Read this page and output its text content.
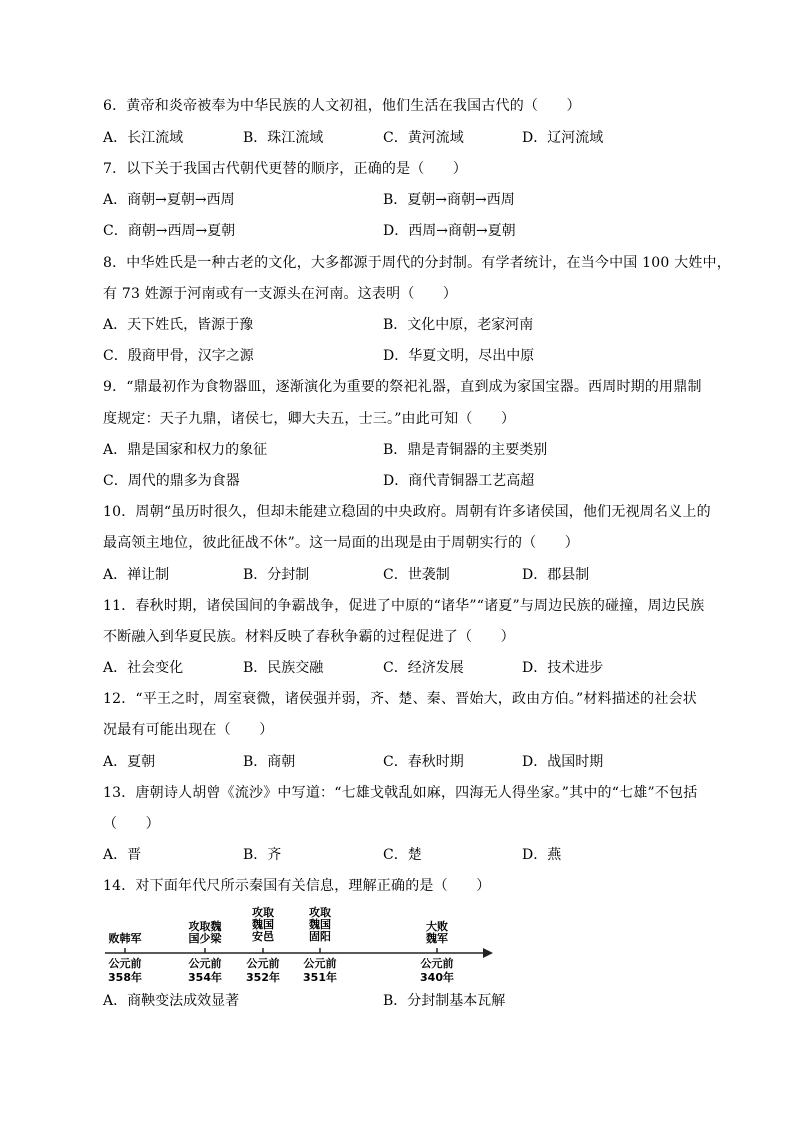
6．黄帝和炎帝被奉为中华民族的人文初祖，他们生活在我国古代的（　　）
A．长江流域	B．珠江流域	C．黄河流域	D．辽河流域
7．以下关于我国古代朝代更替的顺序，正确的是（　　）
A．商朝→夏朝→西周	B．夏朝→商朝→西周
C．商朝→西周→夏朝	D．西周→商朝→夏朝
8．中华姓氏是一种古老的文化，大多都源于周代的分封制。有学者统计，在当今中国 100 大姓中，
有 73 姓源于河南或有一支源头在河南。这表明（　　）
A．天下姓氏，皆源于豫	B．文化中原，老家河南
C．殷商甲骨，汉字之源	D．华夏文明，尽出中原
9．“鼎最初作为食物器皿，逐渐演化为重要的祭祀礼器，直到成为家国宝器。西周时期的用鼎制
度规定：天子九鼎，诸侯七，卿大夫五，士三。”由此可知（　　）
A．鼎是国家和权力的象征	B．鼎是青铜器的主要类别
C．周代的鼎多为食器	D．商代青铜器工艺高超
10．周朝“虽历时很久，但却未能建立稳固的中央政府。周朝有许多诸侯国，他们无视周名义上的
最高领主地位，彼此征战不休”。这一局面的出现是由于周朝实行的（　　）
A．禅让制	B．分封制	C．世袭制	D．郡县制
11．春秋时期，诸侯国间的争霸战争，促进了中原的“诸华”“诸夏”与周边民族的碰撞，周边民族
不断融入到华夏民族。材料反映了春秋争霸的过程促进了（　　）
A．社会变化	B．民族交融	C．经济发展	D．技术进步
12．“平王之时，周室衰微，诸侯强并弱，齐、楚、秦、晋始大，政由方伯。”材料描述的社会状
况最有可能出现在（　　）
A．夏朝	B．商朝	C．春秋时期	D．战国时期
13．唐朝诗人胡曾《流沙》中写道：“七雄戈戟乱如麻，四海无人得坐家。”其中的“七雄”不包括
（　　）
A．晋	B．齐	C．楚	D．燕
14．对下面年代尺所示秦国有关信息，理解正确的是（　　）
败韩军
攻取魏
国少梁
攻取
魏国
安邑
攻取
魏国
固阳
大败
魏军
公元前
358年
公元前
354年
公元前
352年
公元前
351年
公元前
340年
A．商鞅变法成效显著	B．分封制基本瓦解
